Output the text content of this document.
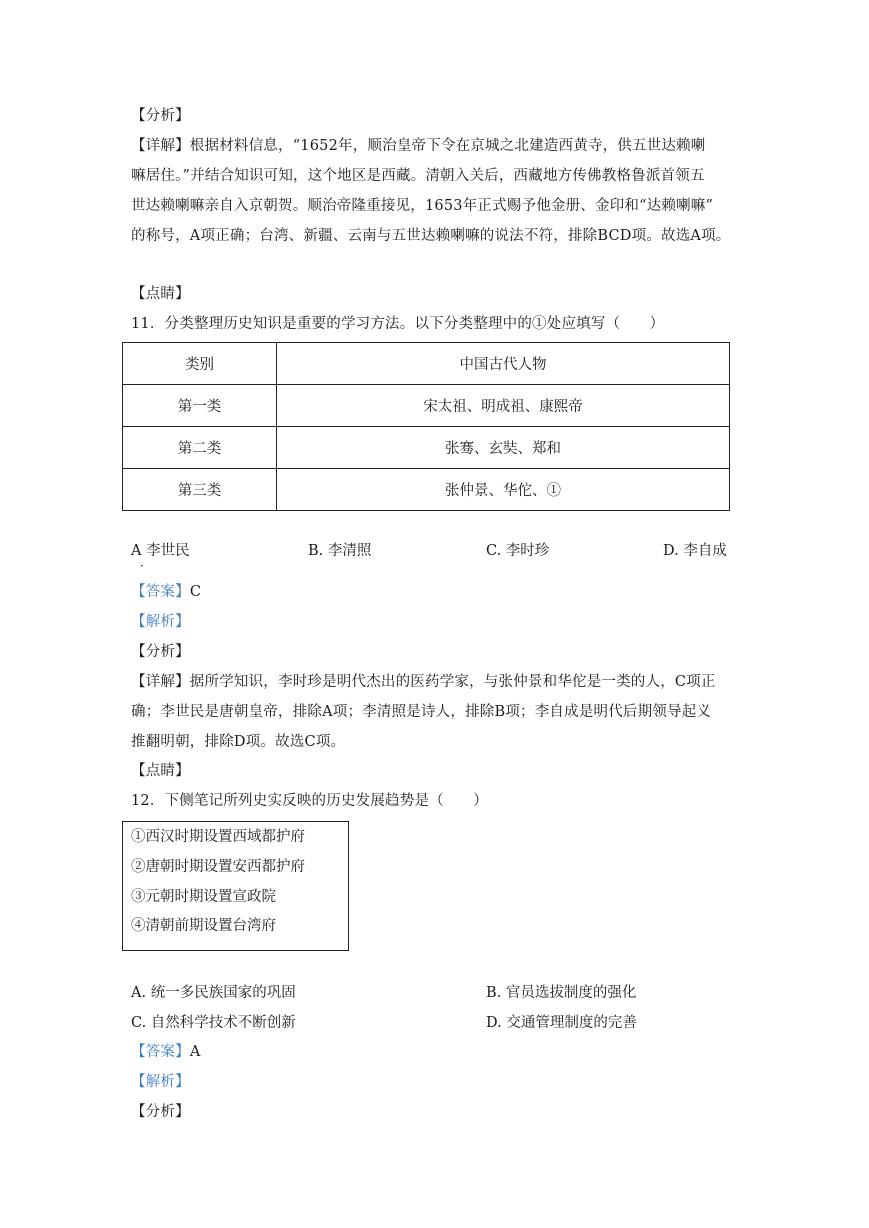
【分析】
【详解】根据材料信息，“1652年，顺治皇帝下令在京城之北建造西黄寺，供五世达赖喇
嘛居住。”并结合知识可知，这个地区是西藏。清朝入关后，西藏地方传佛教格鲁派首领五
世达赖喇嘛亲自入京朝贺。顺治帝隆重接见，1653年正式赐予他金册、金印和“达赖喇嘛”
的称号，A项正确；台湾、新疆、云南与五世达赖喇嘛的说法不符，排除BCD项。故选A项。
【点睛】
11．分类整理历史知识是重要的学习方法。以下分类整理中的①处应填写（　　）
类别	中国古代人物
第一类	宋太祖、明成祖、康熙帝
第二类	张骞、玄奘、郑和
第三类	张仲景、华佗、①
A 李世民	B. 李清照	C. 李时珍	D. 李自成
·
【答案】C
【解析】
【分析】
【详解】据所学知识，李时珍是明代杰出的医药学家，与张仲景和华佗是一类的人，C项正
确；李世民是唐朝皇帝，排除A项；李清照是诗人，排除B项；李自成是明代后期领导起义
推翻明朝，排除D项。故选C项。
【点睛】
12．下侧笔记所列史实反映的历史发展趋势是（　　）
①西汉时期设置西域都护府
②唐朝时期设置安西都护府
③元朝时期设置宣政院
④清朝前期设置台湾府
A. 统一多民族国家的巩固	B. 官员选拔制度的强化
C. 自然科学技术不断创新	D. 交通管理制度的完善
【答案】A
【解析】
【分析】
